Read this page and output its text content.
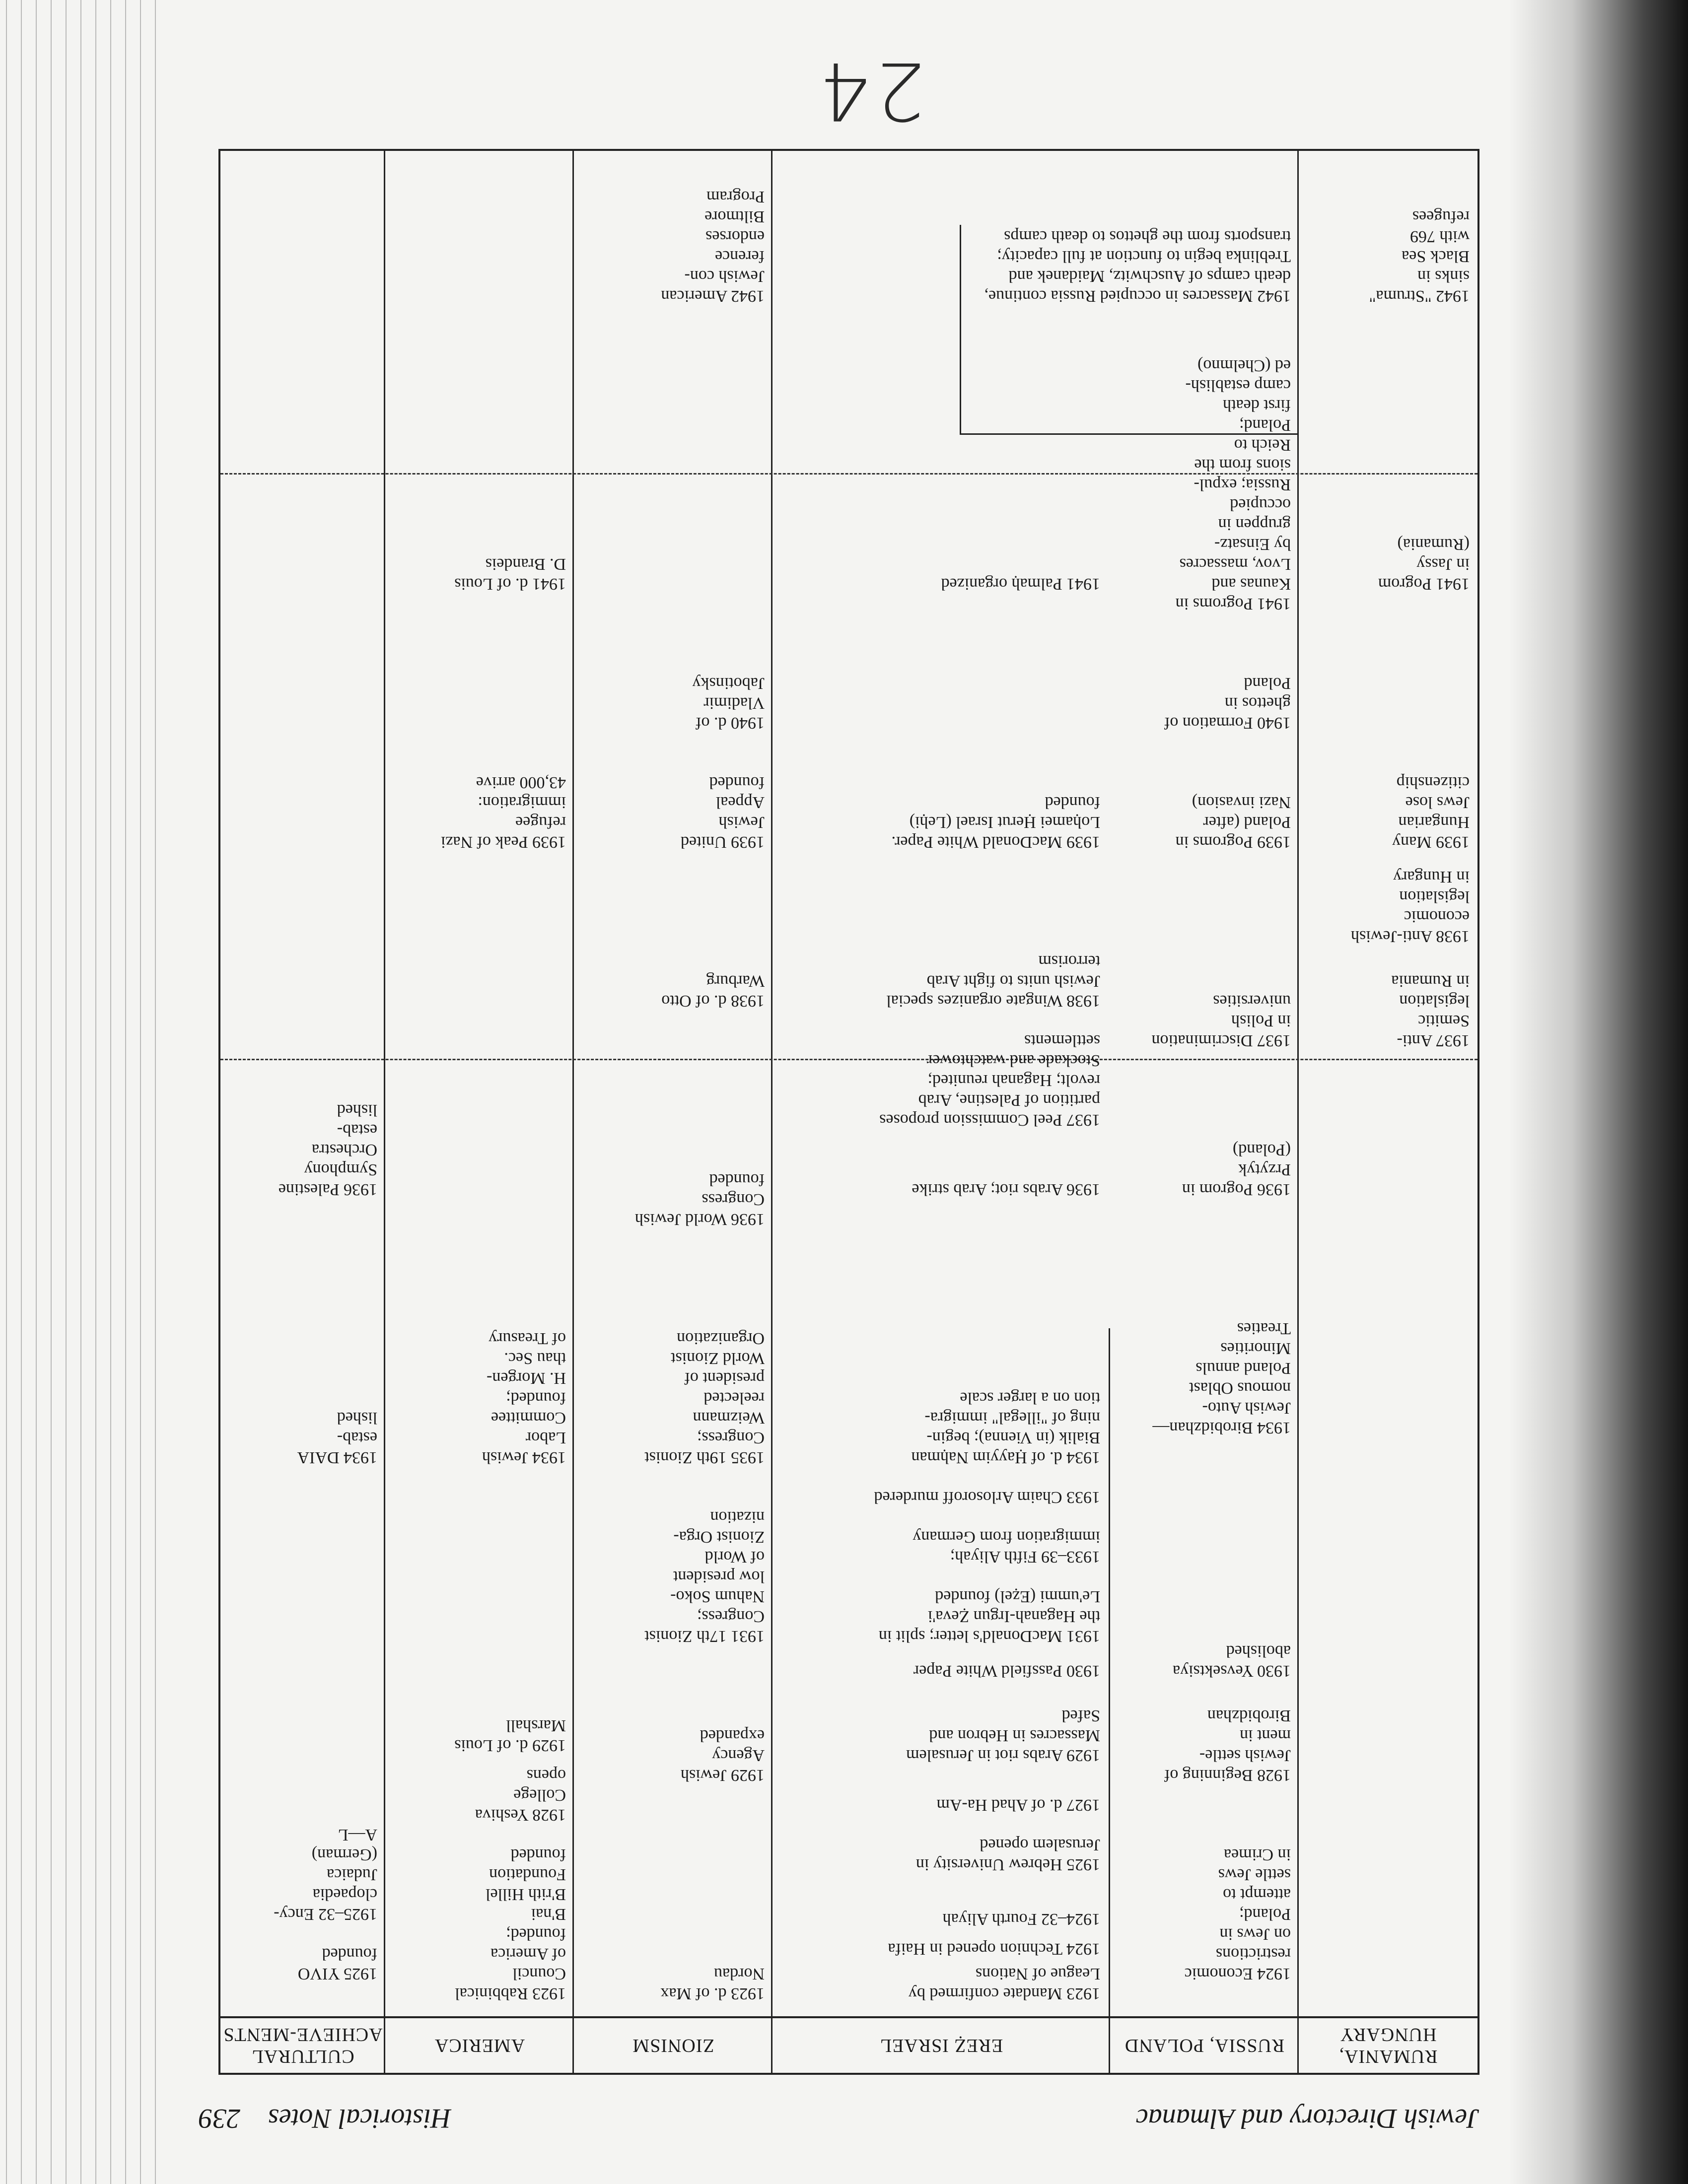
24
Jewish Directory and Almanac
Historical Notes    239
RUMANIA, HUNGARY
RUSSIA, POLAND
EREẒ ISRAEL
ZIONISM
AMERICA
CULTURAL ACHIEVE-MENTS
1937 Anti-
Semitic
legislation
in Rumania
1938 Anti-Jewish
economic
legislation
in Hungary
1939 Many
Hungarian
Jews lose
citizenship
1941 Pogrom
in Jassy
(Rumania)
1942 "Struma"
sinks in
Black Sea
with 769
refugees
1924 Economic
restrictions
on Jews in
Poland;
attempt to
settle Jews
in Crimea
1928 Beginning of
Jewish settle-
ment in
Birobidzhan
1930 Yevsektsiya
abolished
1934 Birobidzhan—
Jewish Auto-
nomous Oblast
Poland annuls
Minorities
Treaties
1936 Pogrom in
Przytyk
(Poland)
1937 Discrimination
in Polish
universities
1939 Pogroms in
Poland (after
Nazi invasion)
1940 Formation of
ghettos in
Poland
1941 Pogroms in
Kaunas and
Lvov, massacres
by Einsatz-
gruppen in
occupied
Russia; expul-
sions from the
Reich to
Poland;
first death
camp establish-
ed (Chelmno)
1942 Massacres in occupied Russia continue,
death camps of Auschwitz, Maidanek and
Treblinka begin to function at full capacity;
transports from the ghettos to death camps
1923 Mandate confirmed by
League of Nations
1924 Technion opened in Haifa
1924–32 Fourth Aliyah
1925 Hebrew University in
Jerusalem opened
1927 d. of Ahad Ha-Am
1929 Arabs riot in Jerusalem
Massacres in Hebron and
Safed
1930 Passfield White Paper
1931 MacDonald's letter; split in
the Haganah-Irgun Ẓeva'i
Le'ummi (Eẓel) founded
1933–39 Fifth Aliyah;
immigration from Germany
1933 Chaim Arlosoroff murdered
1934 d. of Ḥayyim Naḥman
Bialik (in Vienna); begin-
ning of "illegal" immigra-
tion on a larger scale
1936 Arabs riot; Arab strike
1937 Peel Commission proposes
partition of Palestine, Arab
revolt; Haganah reunited;
Stockade and watchtower
settlements
1938 Wingate organizes special
Jewish units to fight Arab
terrorism
1939 MacDonald White Paper.
Loḥamei Ḥerut Israel (Leḥi)
founded
1941 Palmaḥ organized
1923 d. of Max
Nordau
1929 Jewish
Agency
expanded
1931 17th Zionist
Congress;
Nahum Soko-
low president
of World
Zionist Orga-
nization
1935 19th Zionist
Congress;
Weizmann
reelected
president of
World Zionist
Organization
1936 World Jewish
Congress
founded
1938 d. of Otto
Warburg
1939 United
Jewish
Appeal
founded
1940 d. of
Vladimir
Jabotinsky
1942 American
Jewish con-
ference
endorses
Biltmore
Program
1923 Rabbinical
Council
of America
founded;
B'nai
B'rith Hillel
Foundation
founded
1928 Yeshiva
College
opens
1929 d. of Louis
Marshall
1934 Jewish
Labor
Committee
founded;
H. Morgen-
thau Sec.
of Treasury
1939 Peak of Nazi
refugee
immigration:
43,000 arrive
1941 d. of Louis
D. Brandeis
1925 YIVO
founded
1925–32 Ency-
clopaedia
Judaica
(German)
A—L
1934 DAIA
estab-
lished
1936 Palestine
Symphony
Orchestra
estab-
lished
